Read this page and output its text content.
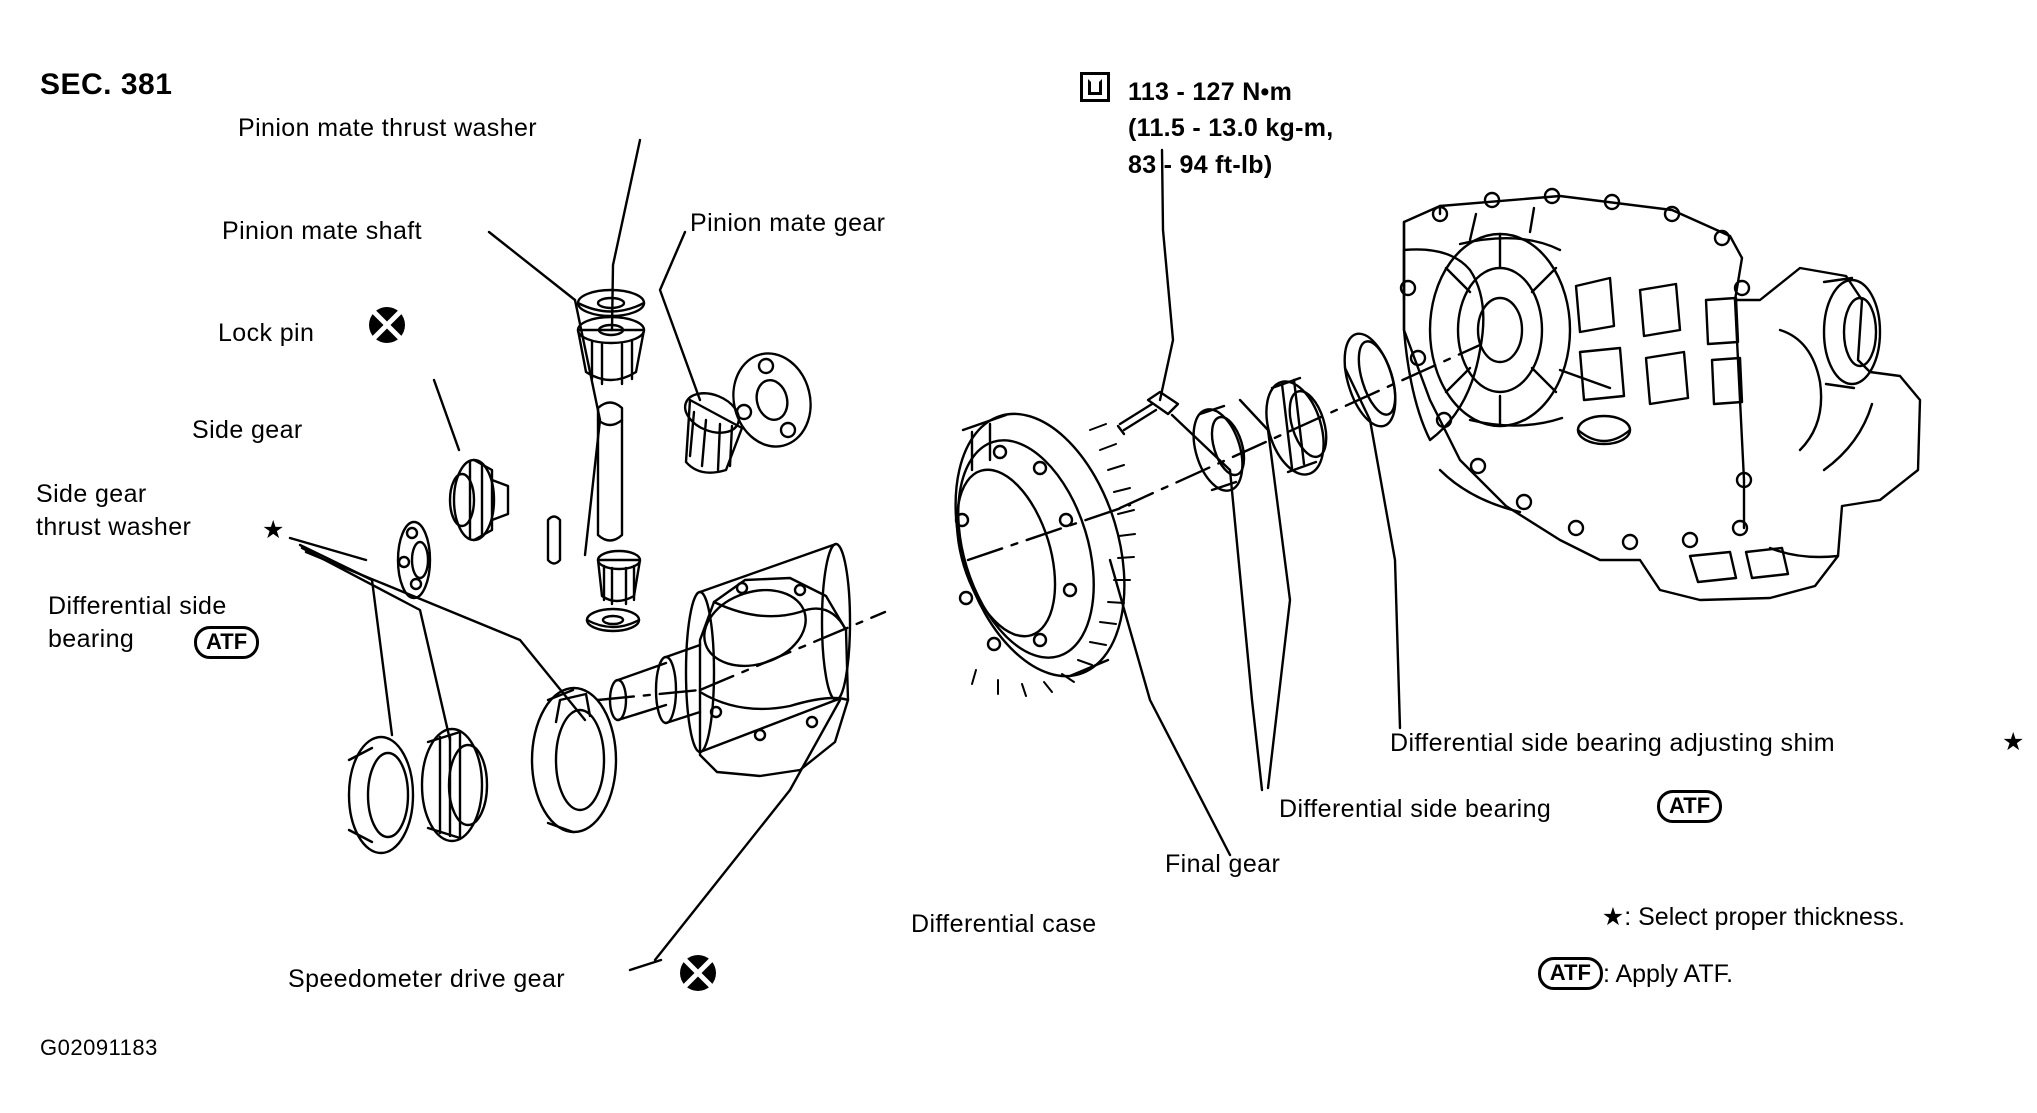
SEC. 381	113 - 127 N•m
(11.5 - 13.0 kg-m,
83 - 94 ft-lb)
Pinion mate thrust washer
Pinion mate shaft	Pinion mate gear
Lock pin
Side gear
Side gear
thrust washer	★
Differential side
bearing	ATF
Speedometer drive gear
Differential case
Final gear
Differential side bearing	ATF
Differential side bearing adjusting shim	★

★: Select proper thickness.

ATF : Apply ATF.

G02091183
